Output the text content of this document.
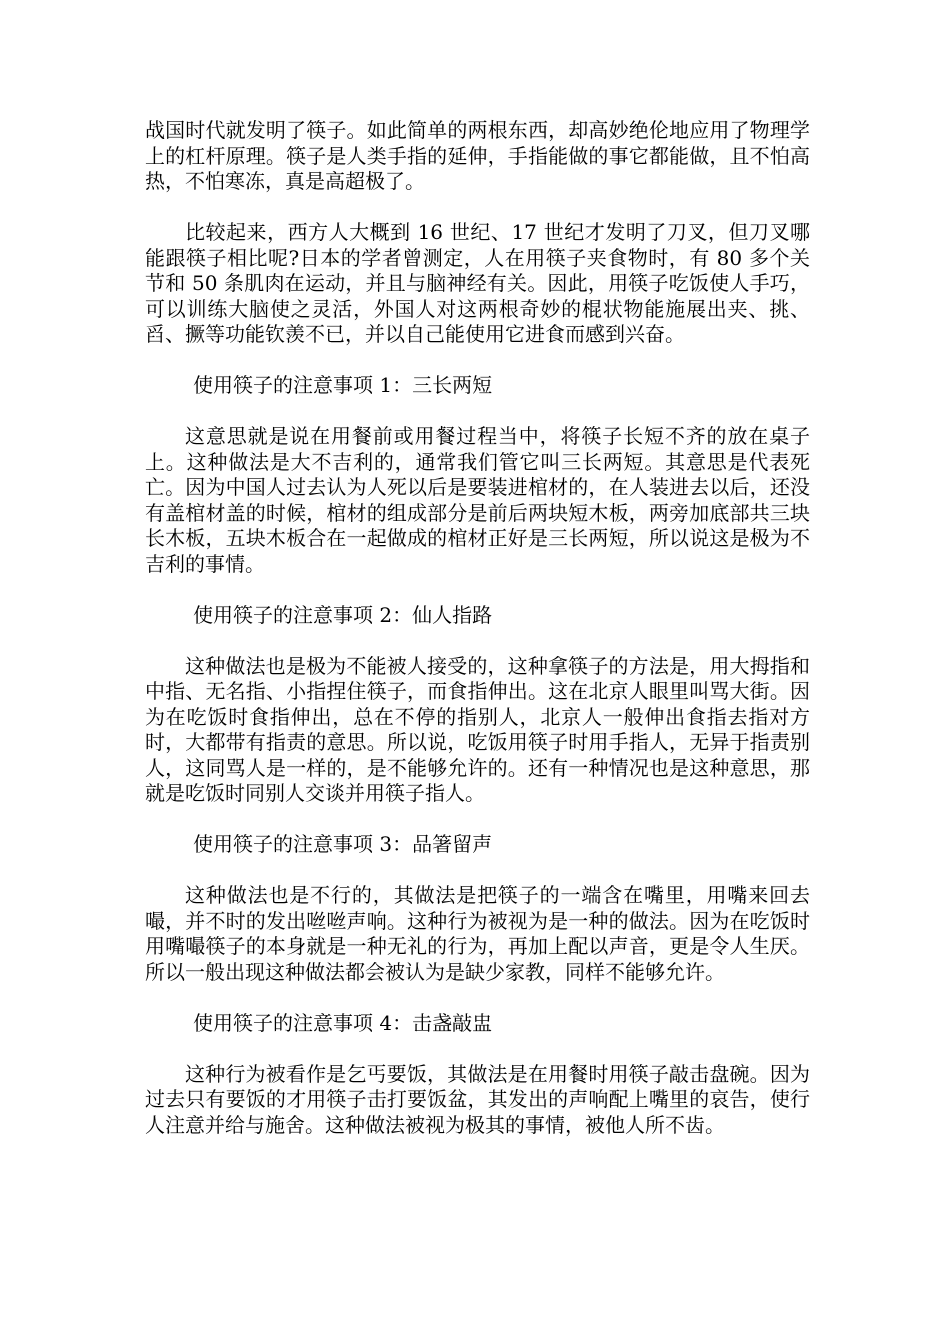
战国时代就发明了筷子。如此简单的两根东西，却高妙绝伦地应用了物理学上的杠杆原理。筷子是人类手指的延伸，手指能做的事它都能做，且不怕高热，不怕寒冻，真是高超极了。

比较起来，西方人大概到 16 世纪、17 世纪才发明了刀叉，但刀叉哪能跟筷子相比呢?日本的学者曾测定，人在用筷子夹食物时，有 80 多个关节和 50 条肌肉在运动，并且与脑神经有关。因此，用筷子吃饭使人手巧，可以训练大脑使之灵活，外国人对这两根奇妙的棍状物能施展出夹、挑、舀、撅等功能钦羡不已，并以自己能使用它进食而感到兴奋。

使用筷子的注意事项 1：三长两短

这意思就是说在用餐前或用餐过程当中，将筷子长短不齐的放在桌子上。这种做法是大不吉利的，通常我们管它叫三长两短。其意思是代表死亡。因为中国人过去认为人死以后是要装进棺材的，在人装进去以后，还没有盖棺材盖的时候，棺材的组成部分是前后两块短木板，两旁加底部共三块长木板，五块木板合在一起做成的棺材正好是三长两短，所以说这是极为不吉利的事情。

使用筷子的注意事项 2：仙人指路

这种做法也是极为不能被人接受的，这种拿筷子的方法是，用大拇指和中指、无名指、小指捏住筷子，而食指伸出。这在北京人眼里叫骂大街。因为在吃饭时食指伸出，总在不停的指别人，北京人一般伸出食指去指对方时，大都带有指责的意思。所以说，吃饭用筷子时用手指人，无异于指责别人，这同骂人是一样的，是不能够允许的。还有一种情况也是这种意思，那就是吃饭时同别人交谈并用筷子指人。

使用筷子的注意事项 3：品箸留声

这种做法也是不行的，其做法是把筷子的一端含在嘴里，用嘴来回去嘬，并不时的发出咝咝声响。这种行为被视为是一种的做法。因为在吃饭时用嘴嘬筷子的本身就是一种无礼的行为，再加上配以声音，更是令人生厌。所以一般出现这种做法都会被认为是缺少家教，同样不能够允许。

使用筷子的注意事项 4：击盏敲盅

这种行为被看作是乞丐要饭，其做法是在用餐时用筷子敲击盘碗。因为过去只有要饭的才用筷子击打要饭盆，其发出的声响配上嘴里的哀告，使行人注意并给与施舍。这种做法被视为极其的事情，被他人所不齿。
